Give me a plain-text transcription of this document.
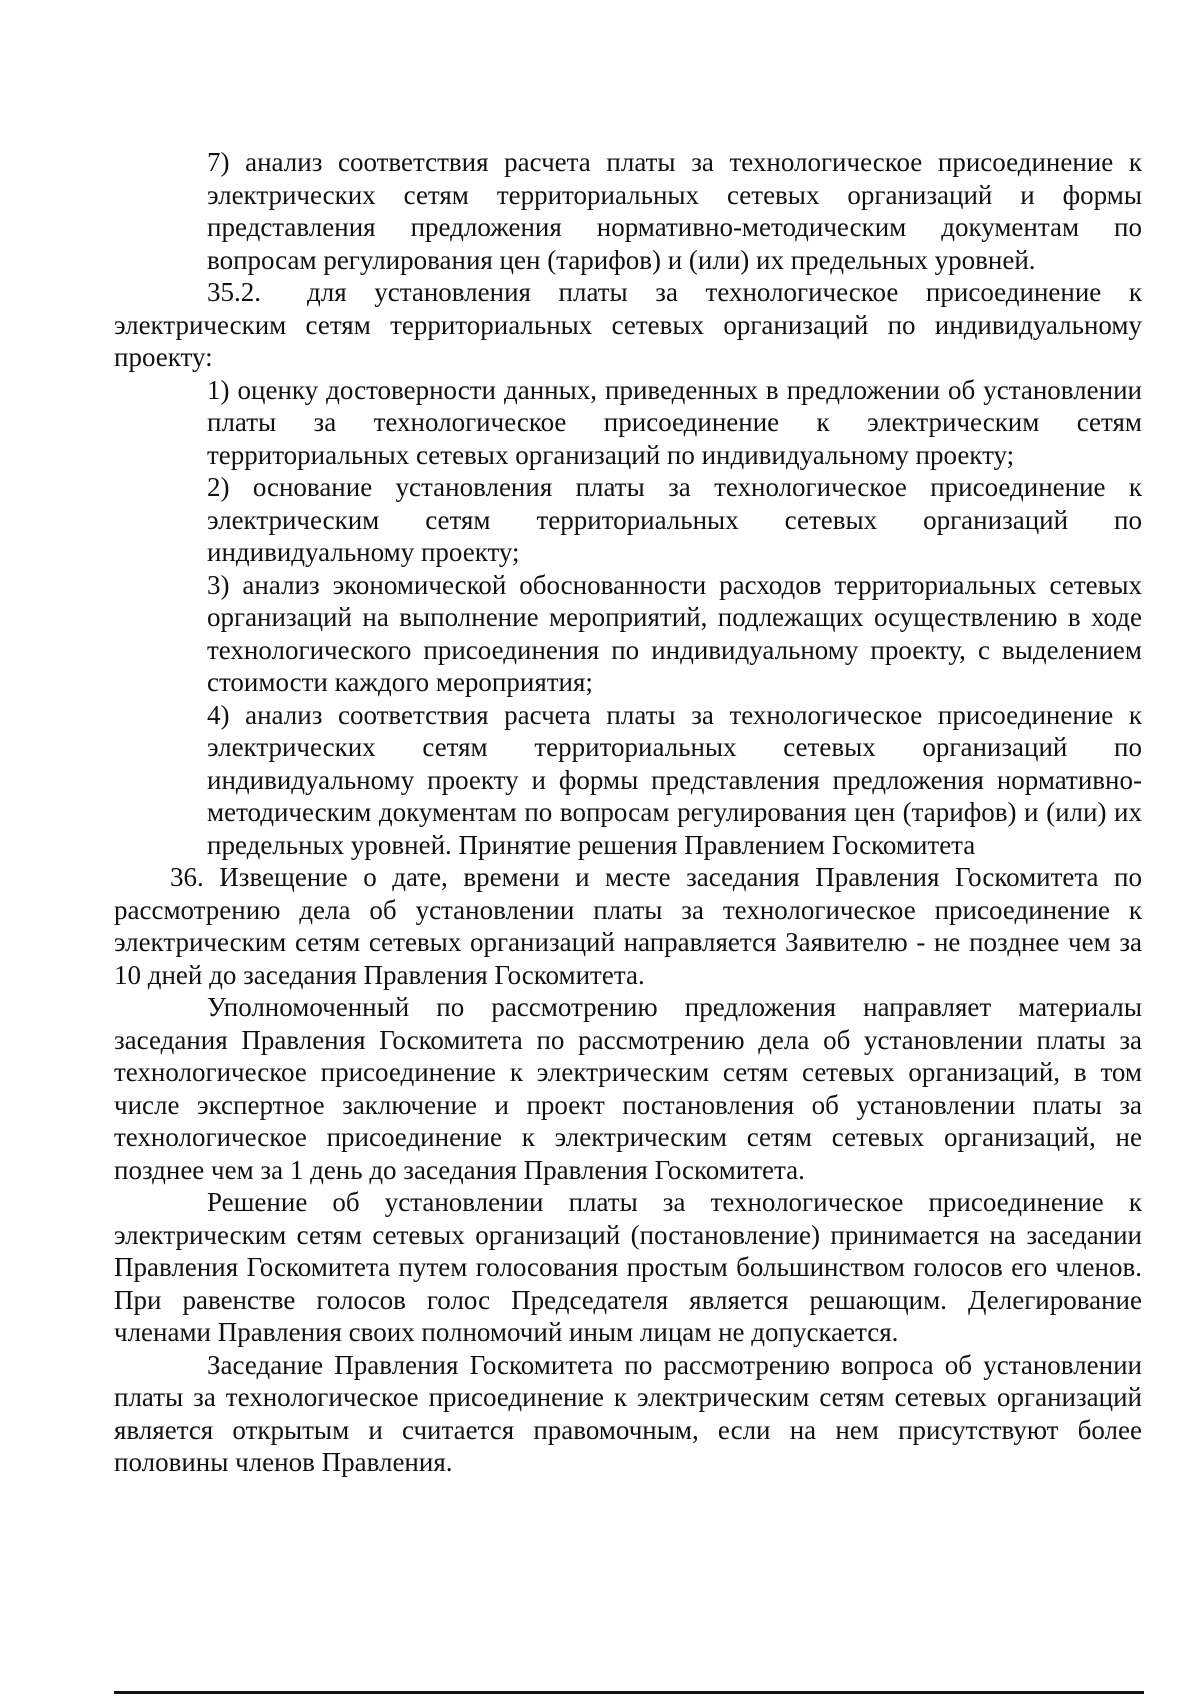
7) анализ соответствия расчета платы за технологическое присоединение к электрических сетям территориальных сетевых организаций и формы представления предложения нормативно-методическим документам по вопросам регулирования цен (тарифов) и (или) их предельных уровней.

35.2. для установления платы за технологическое присоединение к электрическим сетям территориальных сетевых организаций по индивидуальному проекту:

1) оценку достоверности данных, приведенных в предложении об установлении платы за технологическое присоединение к электрическим сетям территориальных сетевых организаций по индивидуальному проекту;

2) основание установления платы за технологическое присоединение к электрическим сетям территориальных сетевых организаций по индивидуальному проекту;

3) анализ экономической обоснованности расходов территориальных сетевых организаций на выполнение мероприятий, подлежащих осуществлению в ходе технологического присоединения по индивидуальному проекту, с выделением стоимости каждого мероприятия;

4) анализ соответствия расчета платы за технологическое присоединение к электрических сетям территориальных сетевых организаций по индивидуальному проекту и формы представления предложения нормативно-методическим документам по вопросам регулирования цен (тарифов) и (или) их предельных уровней. Принятие решения Правлением Госкомитета

36. Извещение о дате, времени и месте заседания Правления Госкомитета по рассмотрению дела об установлении платы за технологическое присоединение к электрическим сетям сетевых организаций направляется Заявителю - не позднее чем за 10 дней до заседания Правления Госкомитета.

Уполномоченный по рассмотрению предложения направляет материалы заседания Правления Госкомитета по рассмотрению дела об установлении платы за технологическое присоединение к электрическим сетям сетевых организаций, в том числе экспертное заключение и проект постановления об установлении платы за технологическое присоединение к электрическим сетям сетевых организаций, не позднее чем за 1 день до заседания Правления Госкомитета.

Решение об установлении платы за технологическое присоединение к электрическим сетям сетевых организаций (постановление) принимается на заседании Правления Госкомитета путем голосования простым большинством голосов его членов. При равенстве голосов голос Председателя является решающим. Делегирование членами Правления своих полномочий иным лицам не допускается.

Заседание Правления Госкомитета по рассмотрению вопроса об установлении платы за технологическое присоединение к электрическим сетям сетевых организаций является открытым и считается правомочным, если на нем присутствуют более половины членов Правления.
